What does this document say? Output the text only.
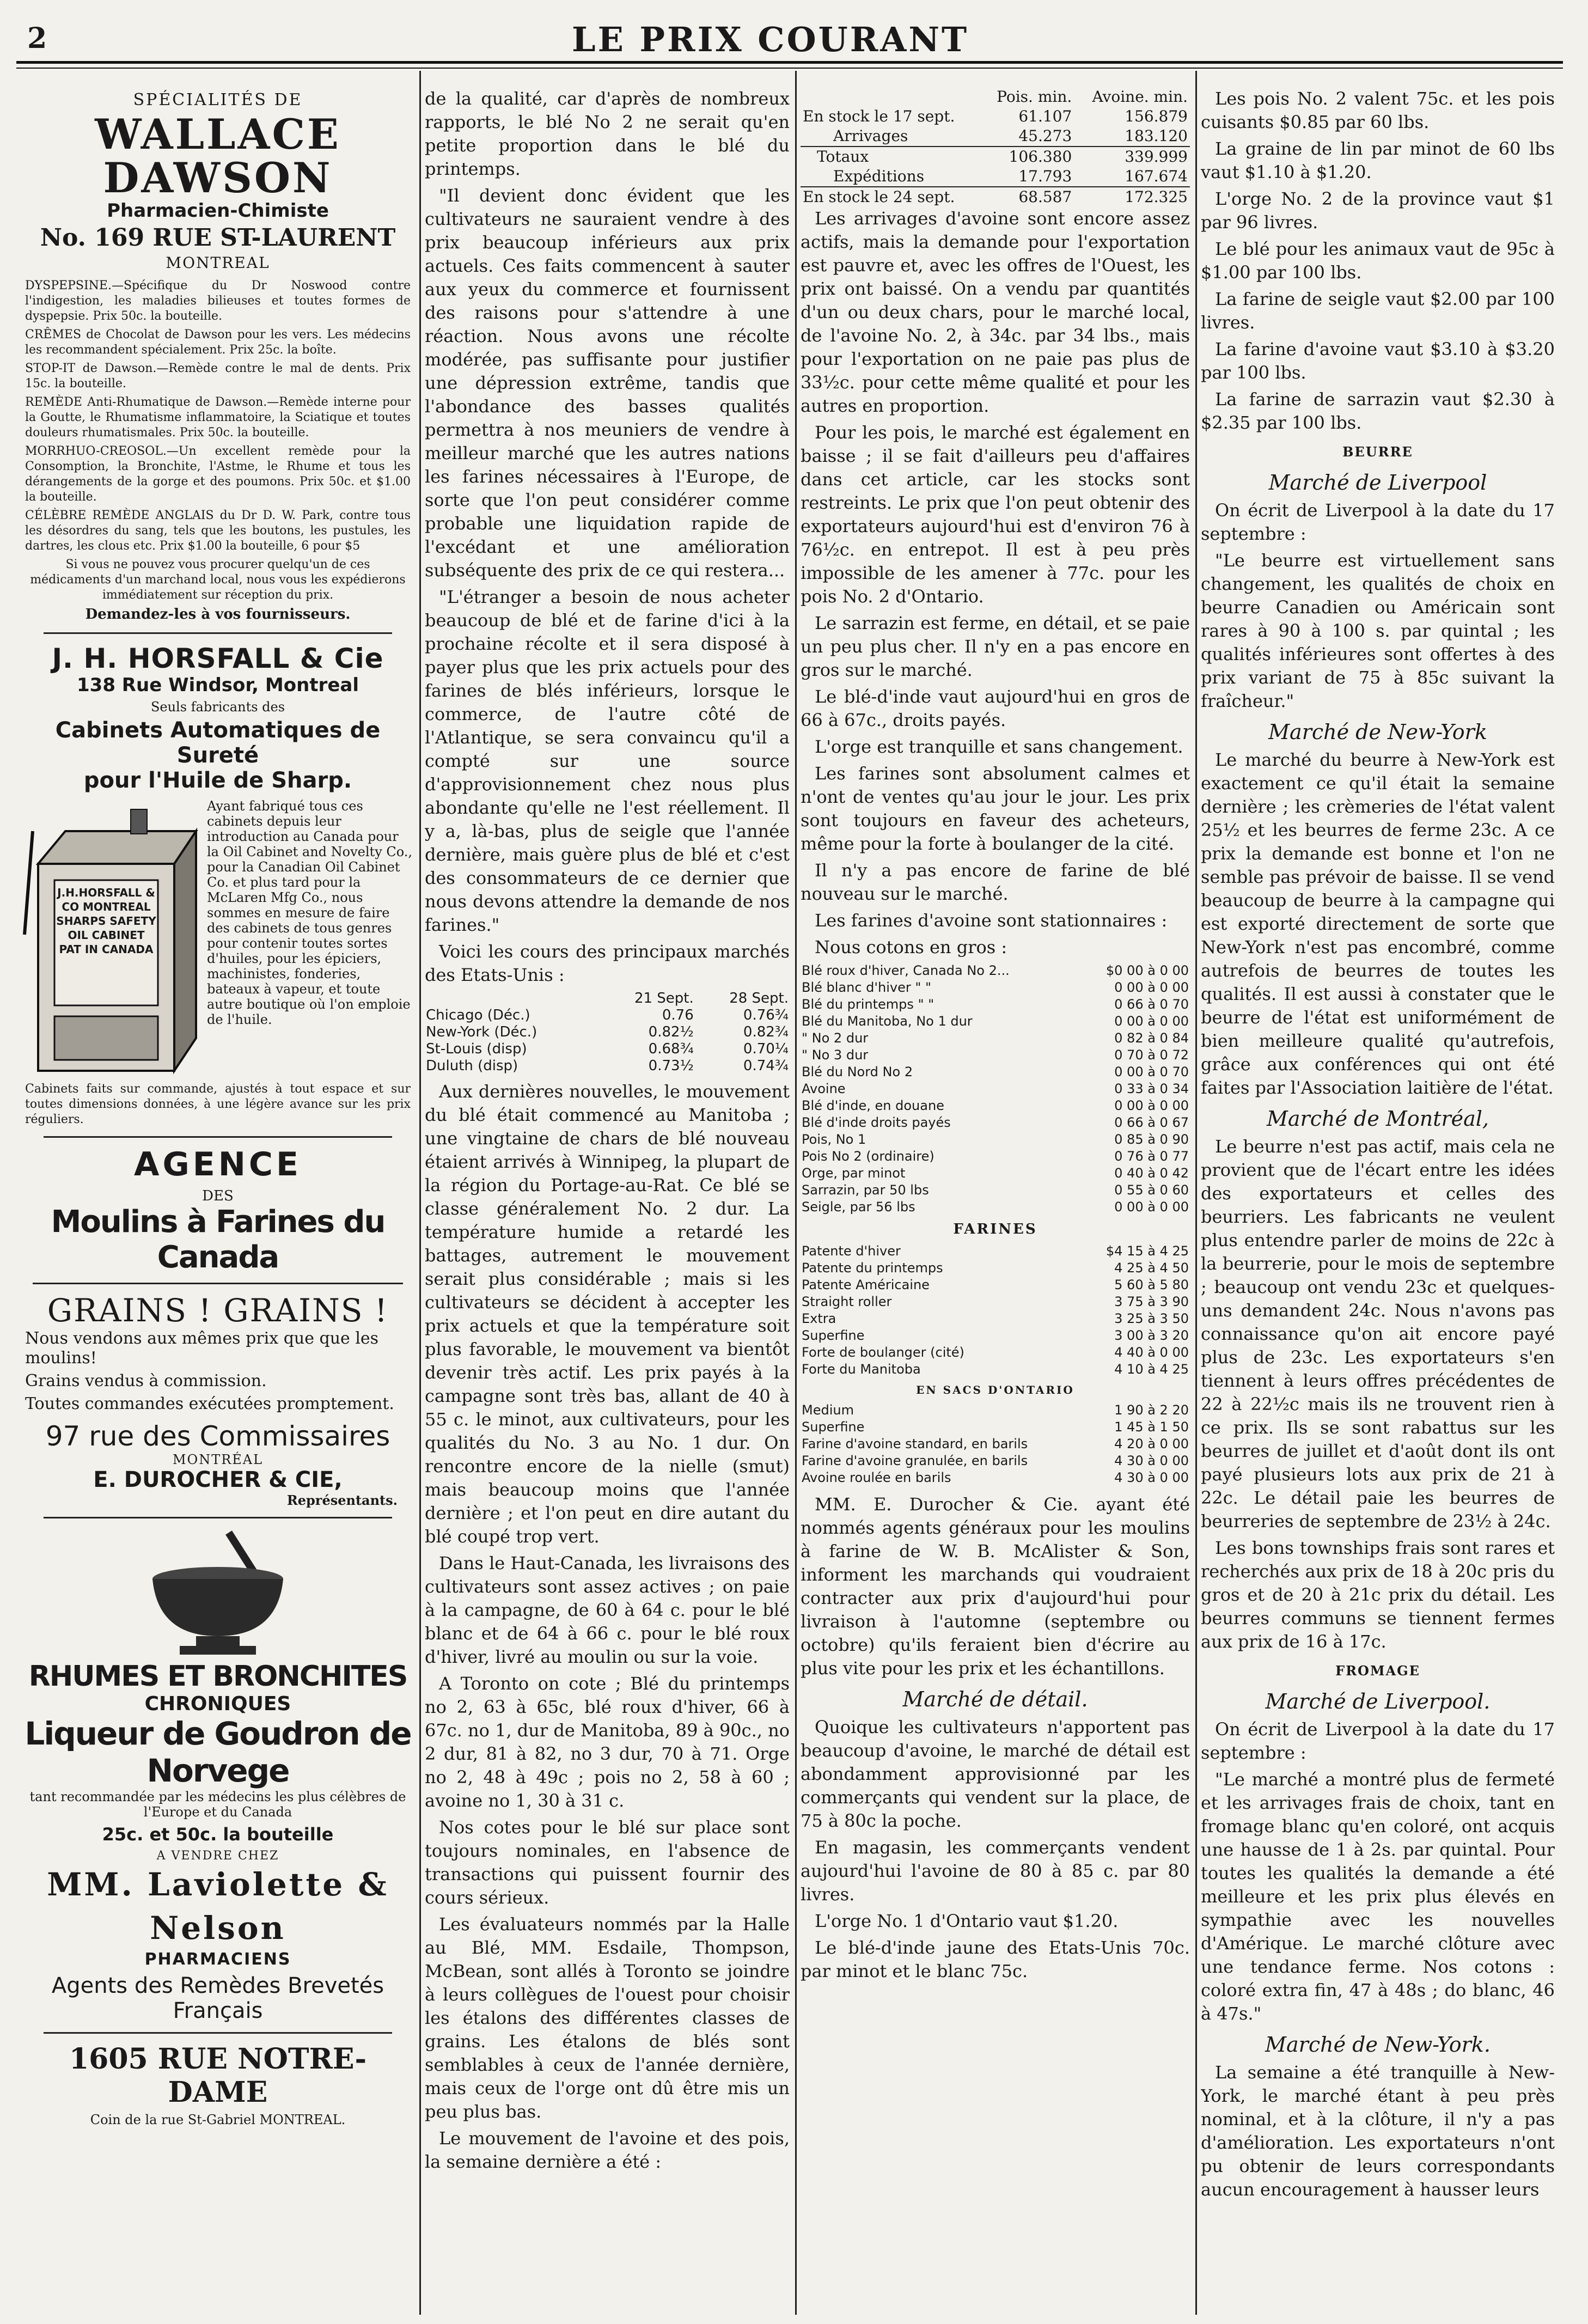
2	LE PRIX COURANT
SPÉCIALITÉS DE
WALLACE DAWSON
Pharmacien-Chimiste
No. 169 RUE ST-LAURENT
MONTREAL
DYSPEPSINE.—Spécifique du Dr Noswood contre l'indigestion, les maladies bilieuses et toutes formes de dyspepsie. Prix 50c. la bouteille.
CRÊMES de Chocolat de Dawson pour les vers. Les médecins les recommandent spécialement. Prix 25c. la boîte.
STOP-IT de Dawson.—Remède contre le mal de dents. Prix 15c. la bouteille.
REMÈDE Anti-Rhumatique de Dawson.—Remède interne pour la Goutte, le Rhumatisme inflammatoire, la Sciatique et toutes douleurs rhumatismales. Prix 50c. la bouteille.
MORRHUO-CREOSOL.—Un excellent remède pour la Consomption, la Bronchite, l'Astme, le Rhume et tous les dérangements de la gorge et des poumons. Prix 50c. et $1.00 la bouteille.
CÉLÈBRE REMÈDE ANGLAIS du Dr D. W. Park, contre tous les désordres du sang, tels que les boutons, les pustules, les dartres, les clous etc. Prix $1.00 la bouteille, 6 pour $5
Si vous ne pouvez vous procurer quelqu'un de ces médicaments d'un marchand local, nous vous les expédierons immédiatement sur réception du prix.
Demandez-les à vos fournisseurs.
J. H. HORSFALL & Cie
138 Rue Windsor, Montreal
Seuls fabricants des
Cabinets Automatiques de Sureté
pour l'Huile de Sharp.
J.H.HORSFALL & CO MONTREAL SHARPS SAFETY OIL CABINET PAT IN CANADA
Ayant fabriqué tous ces cabinets depuis leur introduction au Canada pour la Oil Cabinet and Novelty Co., pour la Canadian Oil Cabinet Co. et plus tard pour la McLaren Mfg Co., nous sommes en mesure de faire des cabinets de tous genres pour contenir toutes sortes d'huiles, pour les épiciers, machinistes, fonderies, bateaux à vapeur, et toute autre boutique où l'on emploie de l'huile.
Cabinets faits sur commande, ajustés à tout espace et sur toutes dimensions données, à une légère avance sur les prix réguliers.
AGENCE
DES
Moulins à Farines du Canada
GRAINS ! GRAINS !
Nous vendons aux mêmes prix que que les moulins!
Grains vendus à commission.
Toutes commandes exécutées promptement.
97 rue des Commissaires
MONTRÉAL
E. DUROCHER & CIE,
Représentants.
RHUMES ET BRONCHITES
CHRONIQUES
Liqueur de Goudron de Norvege
tant recommandée par les médecins les plus célèbres de l'Europe et du Canada
25c. et 50c. la bouteille
A VENDRE CHEZ
MM. Laviolette & Nelson
PHARMACIENS
Agents des Remèdes Brevetés Français
1605 RUE NOTRE-DAME
Coin de la rue St-Gabriel MONTREAL.

de la qualité, car d'après de nombreux rapports, le blé No 2 ne serait qu'en petite proportion dans le blé du printemps.

"Il devient donc évident que les cultivateurs ne sauraient vendre à des prix beaucoup inférieurs aux prix actuels. Ces faits commencent à sauter aux yeux du commerce et fournissent des raisons pour s'attendre à une réaction. Nous avons une récolte modérée, pas suffisante pour justifier une dépression extrême, tandis que l'abondance des basses qualités permettra à nos meuniers de vendre à meilleur marché que les autres nations les farines nécessaires à l'Europe, de sorte que l'on peut considérer comme probable une liquidation rapide de l'excédant et une amélioration subséquente des prix de ce qui restera...

"L'étranger a besoin de nous acheter beaucoup de blé et de farine d'ici à la prochaine récolte et il sera disposé à payer plus que les prix actuels pour des farines de blés inférieurs, lorsque le commerce, de l'autre côté de l'Atlantique, se sera convaincu qu'il a compté sur une source d'approvisionnement chez nous plus abondante qu'elle ne l'est réellement. Il y a, là-bas, plus de seigle que l'année dernière, mais guère plus de blé et c'est des consommateurs de ce dernier que nous devons attendre la demande de nos farines."

Voici les cours des principaux marchés des Etats-Unis :

	21 Sept.	28 Sept.
Chicago (Déc.)	0.76	0.76¾
New-York (Déc.)	0.82½	0.82¾
St-Louis (disp)	0.68¾	0.70¼
Duluth (disp)	0.73½	0.74¾

Aux dernières nouvelles, le mouvement du blé était commencé au Manitoba ; une vingtaine de chars de blé nouveau étaient arrivés à Winnipeg, la plupart de la région du Portage-au-Rat. Ce blé se classe généralement No. 2 dur. La température humide a retardé les battages, autrement le mouvement serait plus considérable ; mais si les cultivateurs se décident à accepter les prix actuels et que la température soit plus favorable, le mouvement va bientôt devenir très actif. Les prix payés à la campagne sont très bas, allant de 40 à 55 c. le minot, aux cultivateurs, pour les qualités du No. 3 au No. 1 dur. On rencontre encore de la nielle (smut) mais beaucoup moins que l'année dernière ; et l'on peut en dire autant du blé coupé trop vert.

Dans le Haut-Canada, les livraisons des cultivateurs sont assez actives ; on paie à la campagne, de 60 à 64 c. pour le blé blanc et de 64 à 66 c. pour le blé roux d'hiver, livré au moulin ou sur la voie.

A Toronto on cote ; Blé du printemps no 2, 63 à 65c, blé roux d'hiver, 66 à 67c. no 1, dur de Manitoba, 89 à 90c., no 2 dur, 81 à 82, no 3 dur, 70 à 71. Orge no 2, 48 à 49c ; pois no 2, 58 à 60 ; avoine no 1, 30 à 31 c.

Nos cotes pour le blé sur place sont toujours nominales, en l'absence de transactions qui puissent fournir des cours sérieux.

Les évaluateurs nommés par la Halle au Blé, MM. Esdaile, Thompson, McBean, sont allés à Toronto se joindre à leurs collègues de l'ouest pour choisir les étalons des différentes classes de grains. Les étalons de blés sont semblables à ceux de l'année dernière, mais ceux de l'orge ont dû être mis un peu plus bas.

Le mouvement de l'avoine et des pois, la semaine dernière a été :

	Pois. min.	Avoine. min.
En stock le 17 sept.	61.107	156.879
Arrivages	45.273	183.120
Totaux	106.380	339.999
Expéditions	17.793	167.674
En stock le 24 sept.	68.587	172.325

Les arrivages d'avoine sont encore assez actifs, mais la demande pour l'exportation est pauvre et, avec les offres de l'Ouest, les prix ont baissé. On a vendu par quantités d'un ou deux chars, pour le marché local, de l'avoine No. 2, à 34c. par 34 lbs., mais pour l'exportation on ne paie pas plus de 33½c. pour cette même qualité et pour les autres en proportion.

Pour les pois, le marché est également en baisse ; il se fait d'ailleurs peu d'affaires dans cet article, car les stocks sont restreints. Le prix que l'on peut obtenir des exportateurs aujourd'hui est d'environ 76 à 76½c. en entrepot. Il est à peu près impossible de les amener à 77c. pour les pois No. 2 d'Ontario.

Le sarrazin est ferme, en détail, et se paie un peu plus cher. Il n'y en a pas encore en gros sur le marché.

Le blé-d'inde vaut aujourd'hui en gros de 66 à 67c., droits payés.

L'orge est tranquille et sans changement.

Les farines sont absolument calmes et n'ont de ventes qu'au jour le jour. Les prix sont toujours en faveur des acheteurs, même pour la forte à boulanger de la cité.

Il n'y a pas encore de farine de blé nouveau sur le marché.

Les farines d'avoine sont stationnaires :

Nous cotons en gros :

Blé roux d'hiver, Canada No 2...	$0 00 à 0 00
Blé blanc d'hiver " "	0 00 à 0 00
Blé du printemps " "	0 66 à 0 70
Blé du Manitoba, No 1 dur	0 00 à 0 00
" No 2 dur	0 82 à 0 84
" No 3 dur	0 70 à 0 72
Blé du Nord No 2	0 00 à 0 70
Avoine	0 33 à 0 34
Blé d'inde, en douane	0 00 à 0 00
Blé d'inde droits payés	0 66 à 0 67
Pois, No 1	0 85 à 0 90
Pois No 2 (ordinaire)	0 76 à 0 77
Orge, par minot	0 40 à 0 42
Sarrazin, par 50 lbs	0 55 à 0 60
Seigle, par 56 lbs	0 00 à 0 00
FARINES
Patente d'hiver	$4 15 à 4 25
Patente du printemps	4 25 à 4 50
Patente Américaine	5 60 à 5 80
Straight roller	3 75 à 3 90
Extra	3 25 à 3 50
Superfine	3 00 à 3 20
Forte de boulanger (cité)	4 40 à 0 00
Forte du Manitoba	4 10 à 4 25
EN SACS D'ONTARIO
Medium	1 90 à 2 20
Superfine	1 45 à 1 50
Farine d'avoine standard, en barils	4 20 à 0 00
Farine d'avoine granulée, en barils	4 30 à 0 00
Avoine roulée en barils	4 30 à 0 00

MM. E. Durocher & Cie. ayant été nommés agents généraux pour les moulins à farine de W. B. McAlister & Son, informent les marchands qui voudraient contracter aux prix d'aujourd'hui pour livraison à l'automne (septembre ou octobre) qu'ils feraient bien d'écrire au plus vite pour les prix et les échantillons.

Marché de détail.

Quoique les cultivateurs n'apportent pas beaucoup d'avoine, le marché de détail est abondamment approvisionné par les commerçants qui vendent sur la place, de 75 à 80c la poche.

En magasin, les commerçants vendent aujourd'hui l'avoine de 80 à 85 c. par 80 livres.

L'orge No. 1 d'Ontario vaut $1.20.

Le blé-d'inde jaune des Etats-Unis 70c. par minot et le blanc 75c.

Les pois No. 2 valent 75c. et les pois cuisants $0.85 par 60 lbs.

La graine de lin par minot de 60 lbs vaut $1.10 à $1.20.

L'orge No. 2 de la province vaut $1 par 96 livres.

Le blé pour les animaux vaut de 95c à $1.00 par 100 lbs.

La farine de seigle vaut $2.00 par 100 livres.

La farine d'avoine vaut $3.10 à $3.20 par 100 lbs.

La farine de sarrazin vaut $2.30 à $2.35 par 100 lbs.

BEURRE

Marché de Liverpool

On écrit de Liverpool à la date du 17 septembre :

"Le beurre est virtuellement sans changement, les qualités de choix en beurre Canadien ou Américain sont rares à 90 à 100 s. par quintal ; les qualités inférieures sont offertes à des prix variant de 75 à 85c suivant la fraîcheur."

Marché de New-York

Le marché du beurre à New-York est exactement ce qu'il était la semaine dernière ; les crèmeries de l'état valent 25½ et les beurres de ferme 23c. A ce prix la demande est bonne et l'on ne semble pas prévoir de baisse. Il se vend beaucoup de beurre à la campagne qui est exporté directement de sorte que New-York n'est pas encombré, comme autrefois de beurres de toutes les qualités. Il est aussi à constater que le beurre de l'état est uniformément de bien meilleure qualité qu'autrefois, grâce aux conférences qui ont été faites par l'Association laitière de l'état.

Marché de Montréal,

Le beurre n'est pas actif, mais cela ne provient que de l'écart entre les idées des exportateurs et celles des beurriers. Les fabricants ne veulent plus entendre parler de moins de 22c à la beurrerie, pour le mois de septembre ; beaucoup ont vendu 23c et quelques-uns demandent 24c. Nous n'avons pas connaissance qu'on ait encore payé plus de 23c. Les exportateurs s'en tiennent à leurs offres précédentes de 22 à 22½c mais ils ne trouvent rien à ce prix. Ils se sont rabattus sur les beurres de juillet et d'août dont ils ont payé plusieurs lots aux prix de 21 à 22c. Le détail paie les beurres de beurreries de septembre de 23½ à 24c.

Les bons townships frais sont rares et recherchés aux prix de 18 à 20c pris du gros et de 20 à 21c prix du détail. Les beurres communs se tiennent fermes aux prix de 16 à 17c.

FROMAGE

Marché de Liverpool.

On écrit de Liverpool à la date du 17 septembre :

"Le marché a montré plus de fermeté et les arrivages frais de choix, tant en fromage blanc qu'en coloré, ont acquis une hausse de 1 à 2s. par quintal. Pour toutes les qualités la demande a été meilleure et les prix plus élevés en sympathie avec les nouvelles d'Amérique. Le marché clôture avec une tendance ferme. Nos cotons : coloré extra fin, 47 à 48s ; do blanc, 46 à 47s."

Marché de New-York.

La semaine a été tranquille à New-York, le marché étant à peu près nominal, et à la clôture, il n'y a pas d'amélioration. Les exportateurs n'ont pu obtenir de leurs correspondants aucun encouragement à hausser leurs
